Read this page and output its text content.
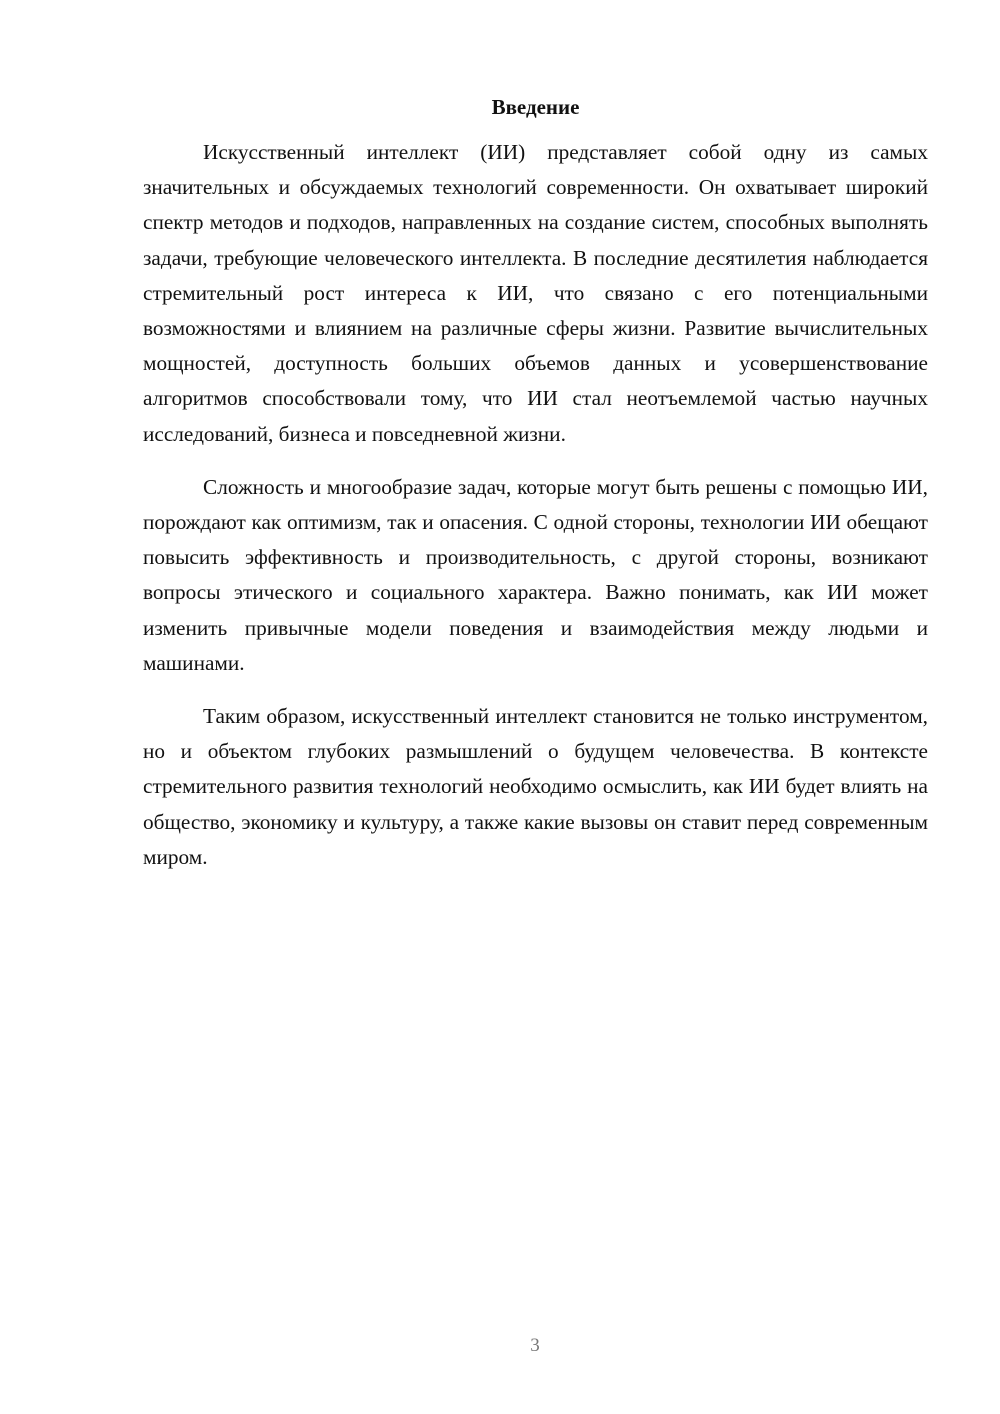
Введение

Искусственный интеллект (ИИ) представляет собой одну из самых значительных и обсуждаемых технологий современности. Он охватывает широкий спектр методов и подходов, направленных на создание систем, способных выполнять задачи, требующие человеческого интеллекта. В последние десятилетия наблюдается стремительный рост интереса к ИИ, что связано с его потенциальными возможностями и влиянием на различные сферы жизни. Развитие вычислительных мощностей, доступность больших объемов данных и усовершенствование алгоритмов способствовали тому, что ИИ стал неотъемлемой частью научных исследований, бизнеса и повседневной жизни.

Сложность и многообразие задач, которые могут быть решены с помощью ИИ, порождают как оптимизм, так и опасения. С одной стороны, технологии ИИ обещают повысить эффективность и производительность, с другой стороны, возникают вопросы этического и социального характера. Важно понимать, как ИИ может изменить привычные модели поведения и взаимодействия между людьми и машинами.

Таким образом, искусственный интеллект становится не только инструментом, но и объектом глубоких размышлений о будущем человечества. В контексте стремительного развития технологий необходимо осмыслить, как ИИ будет влиять на общество, экономику и культуру, а также какие вызовы он ставит перед современным миром.

3
